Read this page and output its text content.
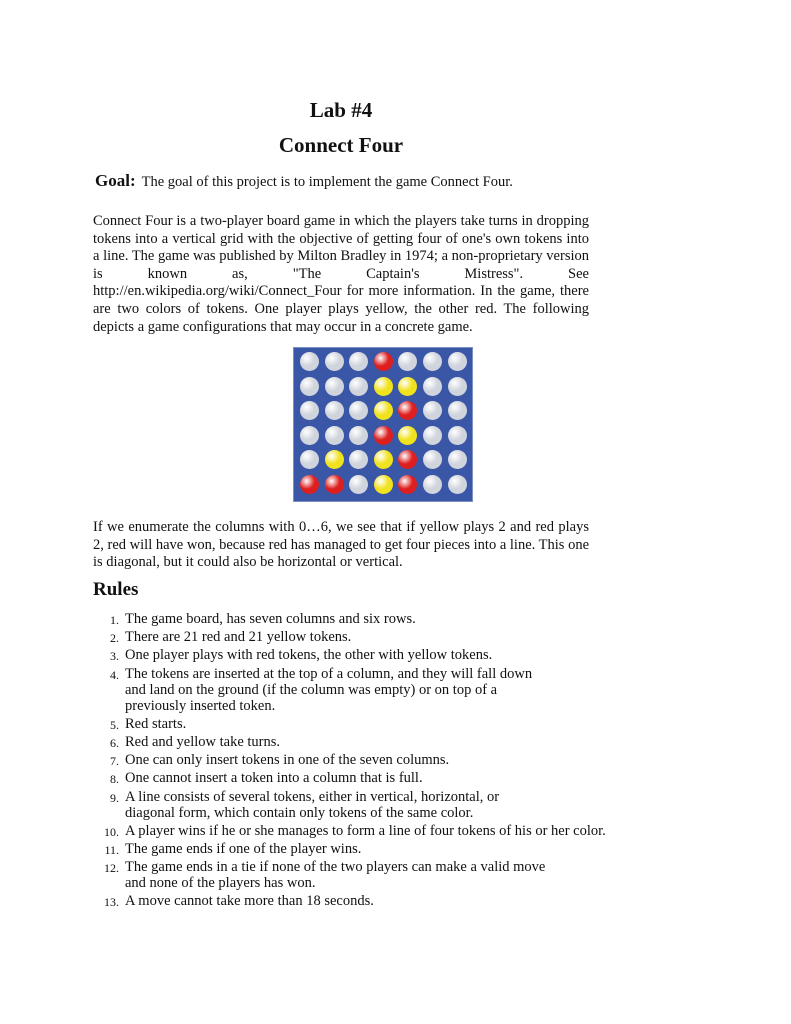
Lab #4
Connect Four
Goal: The goal of this project is to implement the game Connect Four.

Connect Four is a two-player board game in which the players take turns in dropping tokens into a vertical grid with the objective of getting four of one's own tokens into a line. The game was published by Milton Bradley in 1974; a non-proprietary version is known as, "The Captain's Mistress". See http://en.wikipedia.org/wiki/Connect_Four for more information. In the game, there are two colors of tokens. One player plays yellow, the other red. The following depicts a game configurations that may occur in a concrete game.

If we enumerate the columns with 0…6, we see that if yellow plays 2 and red plays 2, red will have won, because red has managed to get four pieces into a line. This one is diagonal, but it could also be horizontal or vertical.

Rules
1. The game board, has seven columns and six rows.
2. There are 21 red and 21 yellow tokens.
3. One player plays with red tokens, the other with yellow tokens.
4. The tokens are inserted at the top of a column, and they will fall down
and land on the ground (if the column was empty) or on top of a
previously inserted token.
5. Red starts.
6. Red and yellow take turns.
7. One can only insert tokens in one of the seven columns.
8. One cannot insert a token into a column that is full.
9. A line consists of several tokens, either in vertical, horizontal, or
diagonal form, which contain only tokens of the same color.
10. A player wins if he or she manages to form a line of four tokens of his or her color.
11. The game ends if one of the player wins.
12. The game ends in a tie if none of the two players can make a valid move
and none of the players has won.
13. A move cannot take more than 18 seconds.
